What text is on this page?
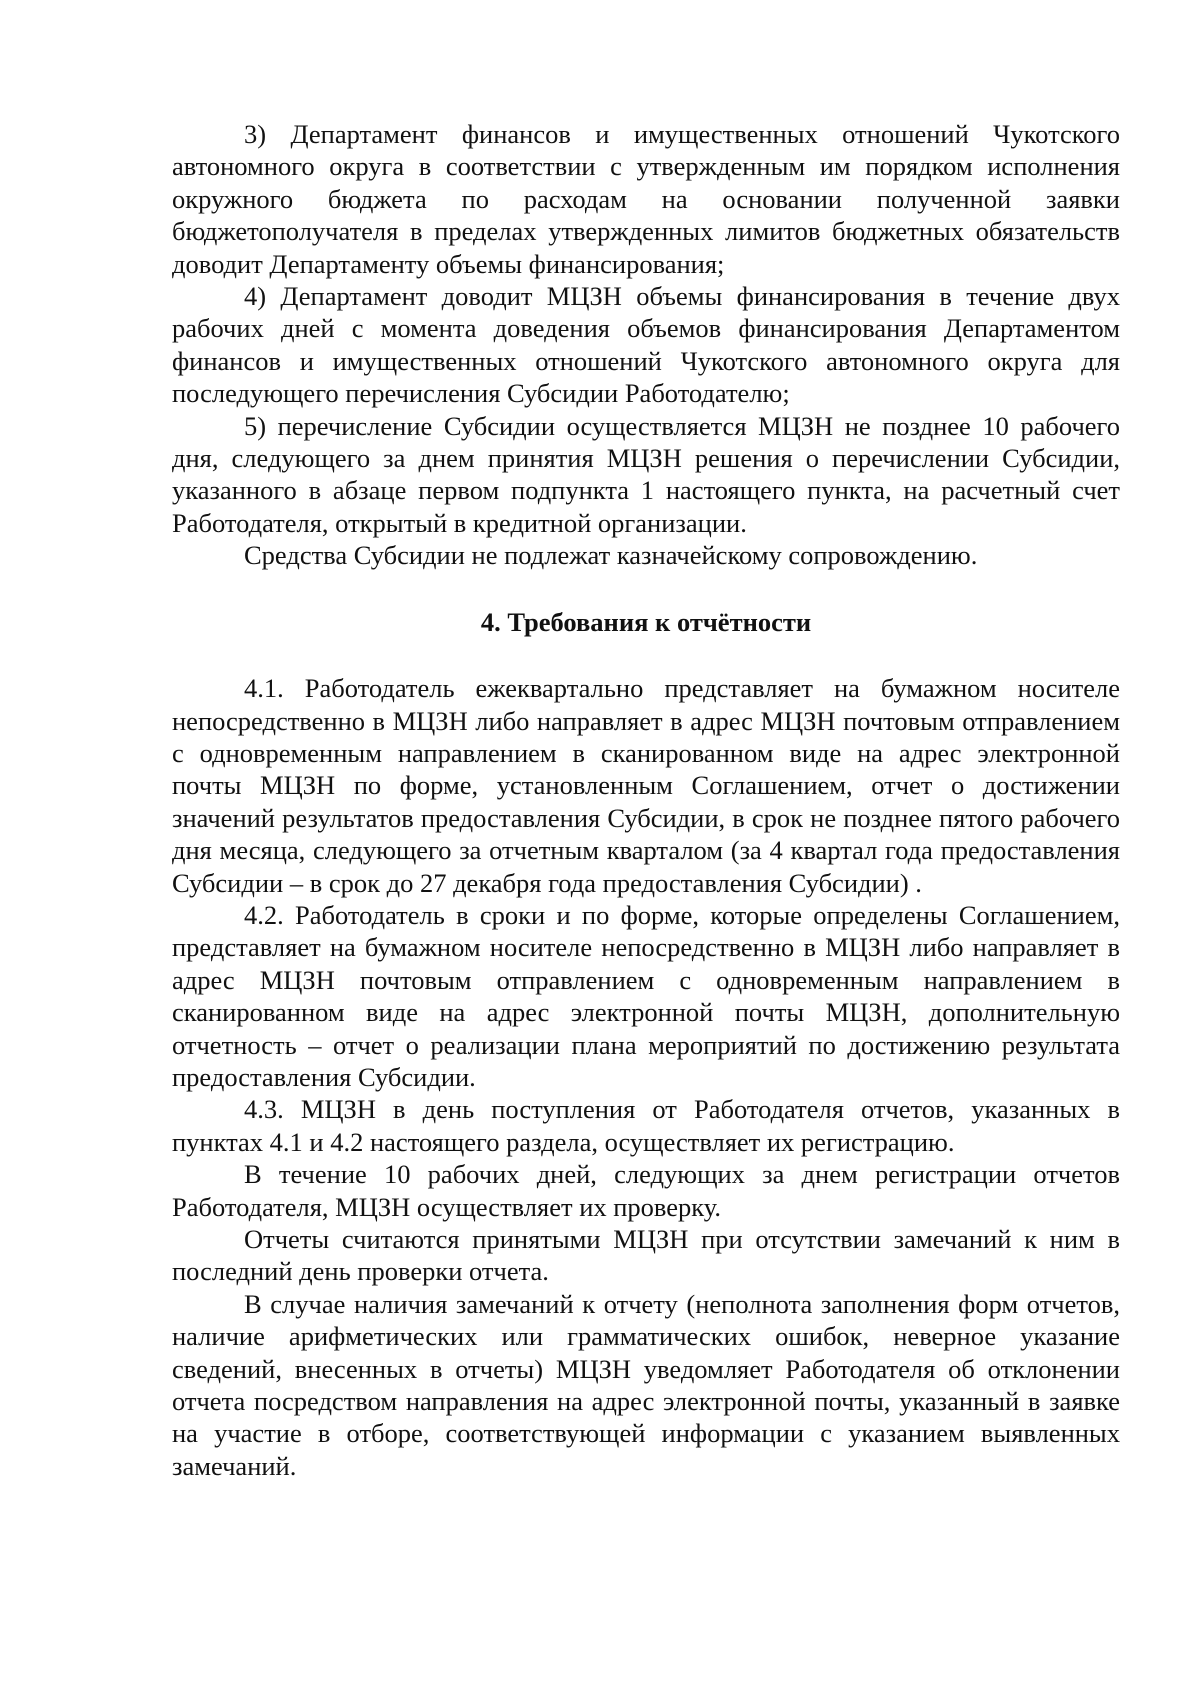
3) Департамент финансов и имущественных отношений Чукотского автономного округа в соответствии с утвержденным им порядком исполнения окружного бюджета по расходам на основании полученной заявки бюджетополучателя в пределах утвержденных лимитов бюджетных обязательств доводит Департаменту объемы финансирования;

4) Департамент доводит МЦЗН объемы финансирования в течение двух рабочих дней с момента доведения объемов финансирования Департаментом финансов и имущественных отношений Чукотского автономного округа для последующего перечисления Субсидии Работодателю;

5) перечисление Субсидии осуществляется МЦЗН не позднее 10 рабочего дня, следующего за днем принятия МЦЗН решения о перечислении Субсидии, указанного в абзаце первом подпункта 1 настоящего пункта, на расчетный счет Работодателя, открытый в кредитной организации.

Средства Субсидии не подлежат казначейскому сопровождению.

4. Требования к отчётности

4.1. Работодатель ежеквартально представляет на бумажном носителе непосредственно в МЦЗН либо направляет в адрес МЦЗН почтовым отправлением с одновременным направлением в сканированном виде на адрес электронной почты МЦЗН по форме, установленным Соглашением, отчет о достижении значений результатов предоставления Субсидии, в срок не позднее пятого рабочего дня месяца, следующего за отчетным кварталом (за 4 квартал года предоставления Субсидии – в срок до 27 декабря года предоставления Субсидии) .

4.2. Работодатель в сроки и по форме, которые определены Соглашением, представляет на бумажном носителе непосредственно в МЦЗН либо направляет в адрес МЦЗН почтовым отправлением с одновременным направлением в сканированном виде на адрес электронной почты МЦЗН, дополнительную отчетность – отчет о реализации плана мероприятий по достижению результата предоставления Субсидии.

4.3. МЦЗН в день поступления от Работодателя отчетов, указанных в пунктах 4.1 и 4.2 настоящего раздела, осуществляет их регистрацию.

В течение 10 рабочих дней, следующих за днем регистрации отчетов Работодателя, МЦЗН осуществляет их проверку.

Отчеты считаются принятыми МЦЗН при отсутствии замечаний к ним в последний день проверки отчета.

В случае наличия замечаний к отчету (неполнота заполнения форм отчетов, наличие арифметических или грамматических ошибок, неверное указание сведений, внесенных в отчеты) МЦЗН уведомляет Работодателя об отклонении отчета посредством направления на адрес электронной почты, указанный в заявке на участие в отборе, соответствующей информации с указанием выявленных замечаний.
